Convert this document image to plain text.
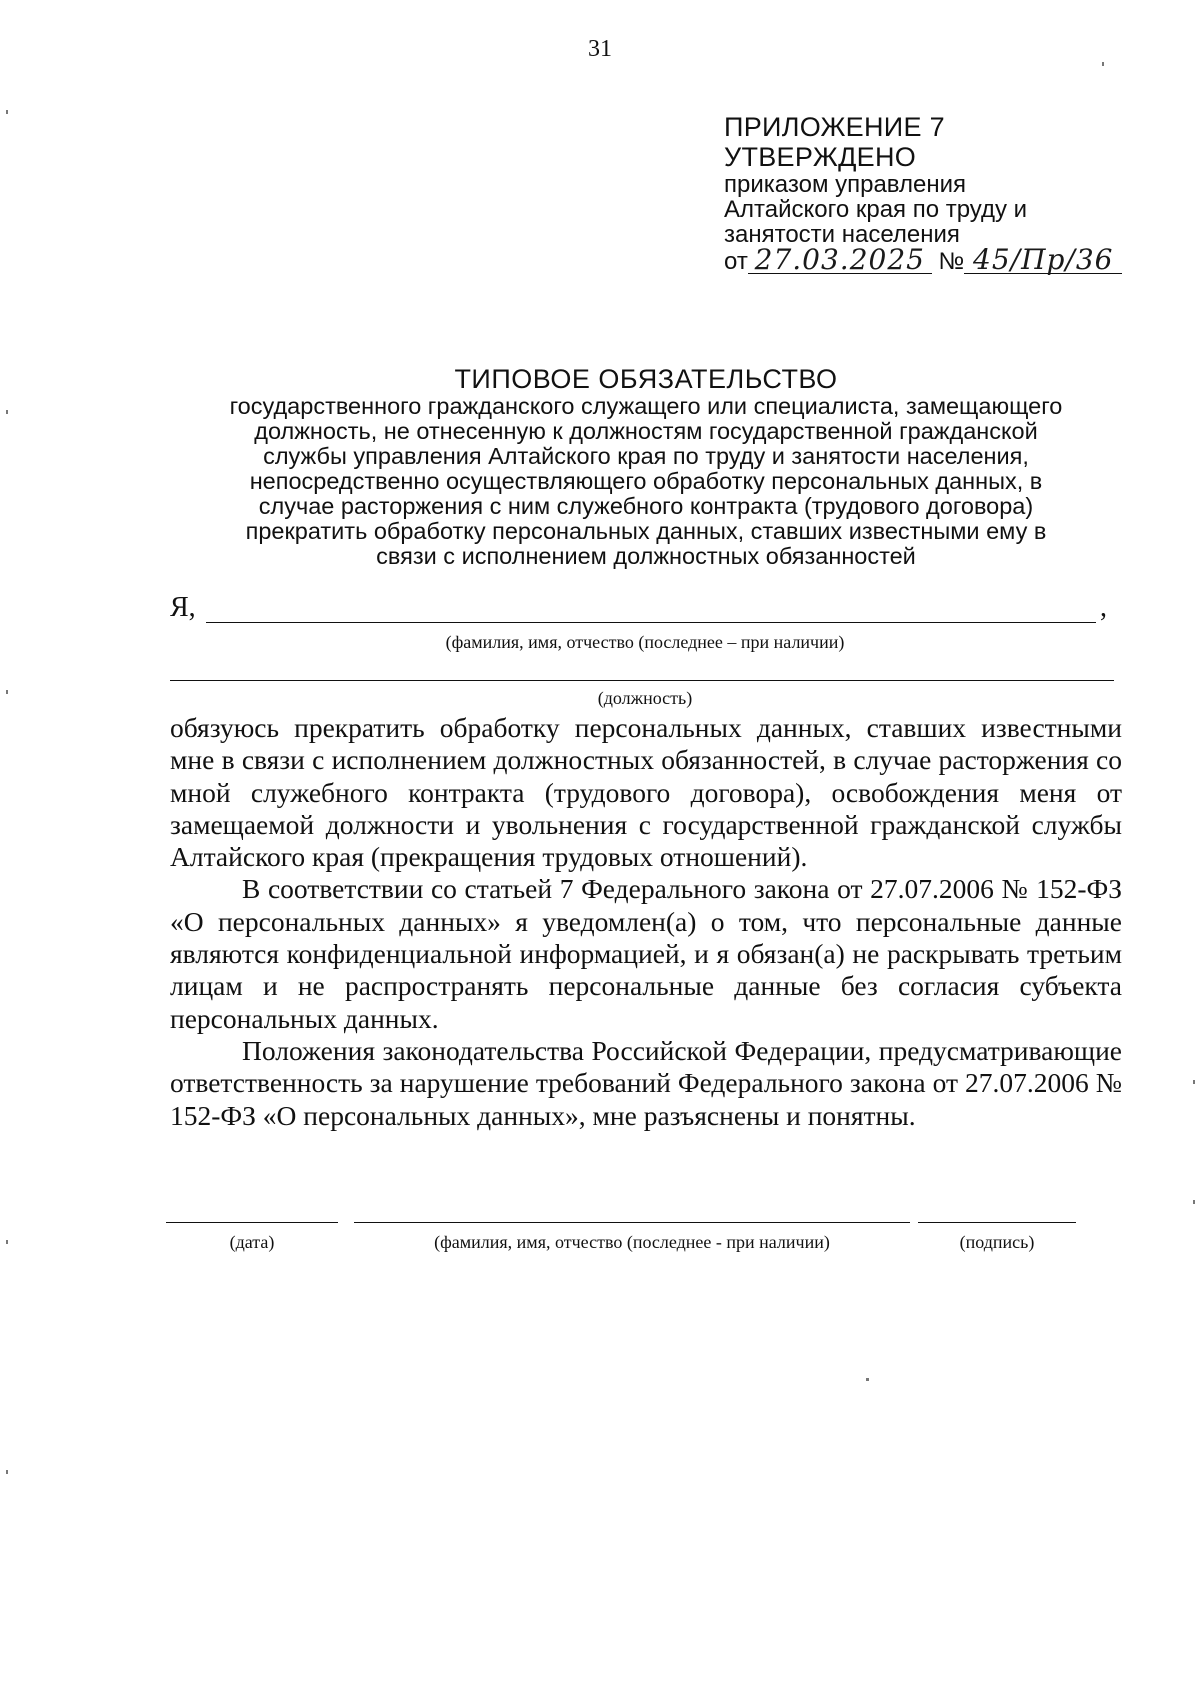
31
ПРИЛОЖЕНИЕ 7
УТВЕРЖДЕНО
приказом управления
Алтайского края по труду и
занятости населения
от 27.03.2025 № 45/Пр/36
ТИПОВОЕ ОБЯЗАТЕЛЬСТВО

государственного гражданского служащего или специалиста, замещающего

должность, не отнесенную к должностям государственной гражданской

службы управления Алтайского края по труду и занятости населения,

непосредственно осуществляющего обработку персональных данных, в

случае расторжения с ним служебного контракта (трудового договора)

прекратить обработку персональных данных, ставших известными ему в

связи с исполнением должностных обязанностей

Я,	,
(фамилия, имя, отчество (последнее – при наличии)
(должность)

обязуюсь прекратить обработку персональных данных, ставших известными мне в связи с исполнением должностных обязанностей, в случае расторжения со мной служебного контракта (трудового договора), освобождения меня от замещаемой должности и увольнения с государственной гражданской службы Алтайского края (прекращения трудовых отношений).

В соответствии со статьей 7 Федерального закона от 27.07.2006 № 152-ФЗ «О персональных данных» я уведомлен(а) о том, что персональные данные являются конфиденциальной информацией, и я обязан(а) не раскрывать третьим лицам и не распространять персональные данные без согласия субъекта персональных данных.

Положения законодательства Российской Федерации, предусматривающие ответственность за нарушение требований Федерального закона от 27.07.2006 № 152-ФЗ «О персональных данных», мне разъяснены и понятны.

(дата)	(фамилия, имя, отчество (последнее - при наличии)	(подпись)
